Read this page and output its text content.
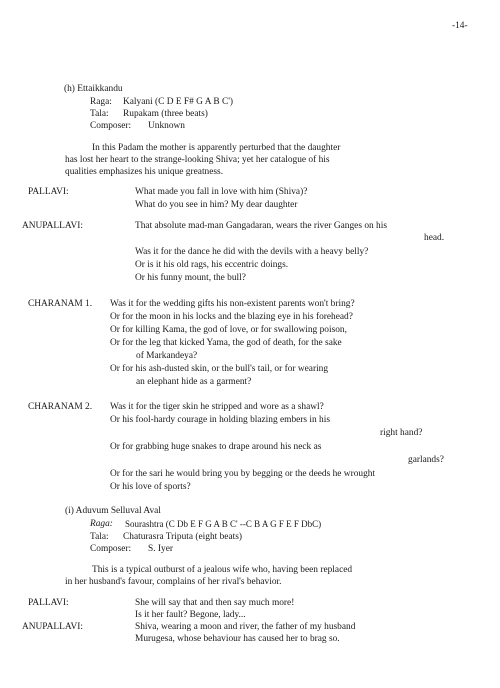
-14-
(h) Ettaikkandu
Raga: Kalyani (C D E F# G A B C')
Tala: Rupakam (three beats)
Composer: Unknown
In this Padam the mother is apparently perturbed that the daughter
has lost her heart to the strange-looking Shiva; yet her catalogue of his
qualities emphasizes his unique greatness.
PALLAVI:	What made you fall in love with him (Shiva)?
What do you see in him? My dear daughter
ANUPALLAVI:	That absolute mad-man Gangadaran, wears the river Ganges on his
head.
Was it for the dance he did with the devils with a heavy belly?
Or is it his old rags, his eccentric doings.
Or his funny mount, the bull?
CHARANAM 1. Was it for the wedding gifts his non-existent parents won't bring?
Or for the moon in his locks and the blazing eye in his forehead?
Or for killing Kama, the god of love, or for swallowing poison,
Or for the leg that kicked Yama, the god of death, for the sake
of Markandeya?
Or for his ash-dusted skin, or the bull's tail, or for wearing
an elephant hide as a garment?
CHARANAM 2. Was it for the tiger skin he stripped and wore as a shawl?
Or his fool-hardy courage in holding blazing embers in his
right hand?
Or for grabbing huge snakes to drape around his neck as
garlands?
Or for the sari he would bring you by begging or the deeds he wrought
Or his love of sports?
(i) Aduvum Selluval Aval
Raga: Sourashtra (C Db E F G A B C' --C B A G F E F DbC)
Tala: Chaturasra Triputa (eight beats)
Composer: S. Iyer
This is a typical outburst of a jealous wife who, having been replaced
in her husband's favour, complains of her rival's behavior.
PALLAVI:	She will say that and then say much more!
Is it her fault? Begone, lady...
ANUPALLAVI:	Shiva, wearing a moon and river, the father of my husband
Murugesa, whose behaviour has caused her to brag so.
